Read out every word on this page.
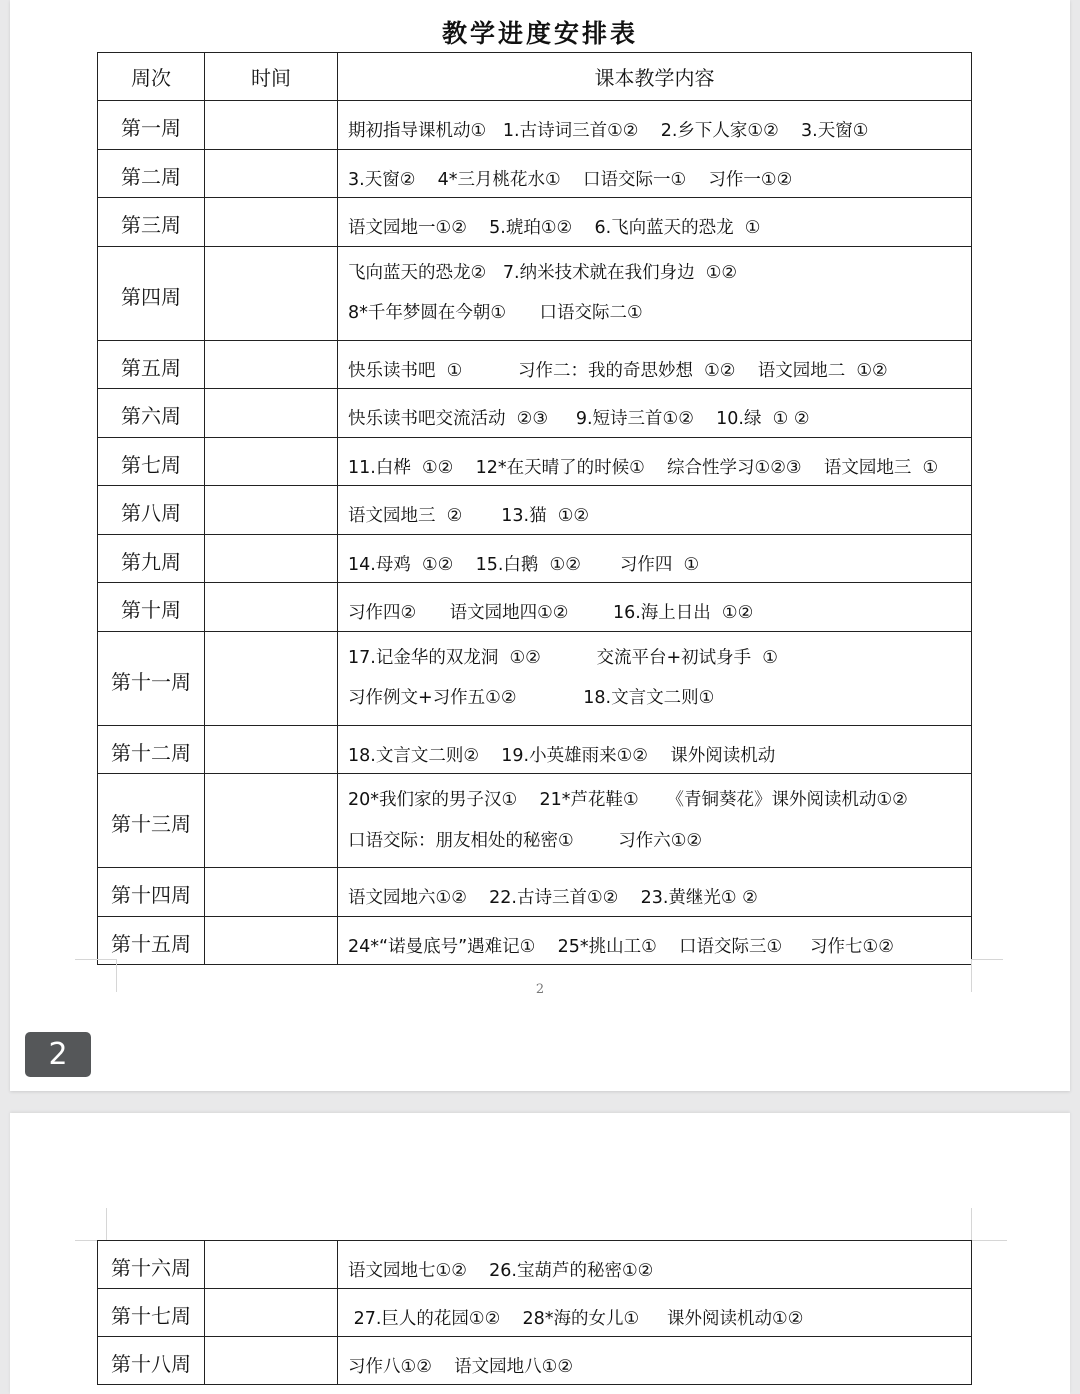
教学进度安排表
周次	时间	课本教学内容
第一周		期初指导课机动①   1.古诗词三首①②    2.乡下人家①②    3.天窗①

第二周		3.天窗②    4*三月桃花水①    口语交际一①    习作一①②

第三周		语文园地一①②    5.琥珀①②    6.飞向蓝天的恐龙  ①

第四周		飞向蓝天的恐龙②   7.纳米技术就在我们身边  ①②
8*千年梦圆在今朝①      口语交际二①

第五周		快乐读书吧  ①          习作二：我的奇思妙想  ①②    语文园地二  ①②

第六周		快乐读书吧交流活动  ②③     9.短诗三首①②    10.绿  ① ②

第七周		11.白桦  ①②    12*在天晴了的时候①    综合性学习①②③    语文园地三  ①

第八周		语文园地三  ②       13.猫  ①②

第九周		14.母鸡  ①②    15.白鹅  ①②       习作四  ①

第十周		习作四②      语文园地四①②        16.海上日出  ①②

第十一周		17.记金华的双龙洞  ①②          交流平台+初试身手  ①
习作例文+习作五①②            18.文言文二则①

第十二周		18.文言文二则②    19.小英雄雨来①②    课外阅读机动

第十三周		20*我们家的男子汉①    21*芦花鞋①     《青铜葵花》课外阅读机动①②
口语交际：朋友相处的秘密①        习作六①②

第十四周		语文园地六①②    22.古诗三首①②    23.黄继光① ②

第十五周		24*“诺曼底号”遇难记①    25*挑山工①    口语交际三①     习作七①②
2
2
第十六周		语文园地七①②    26.宝葫芦的秘密①②

第十七周		27.巨人的花园①②    28*海的女儿①     课外阅读机动①②

第十八周		习作八①②    语文园地八①②
